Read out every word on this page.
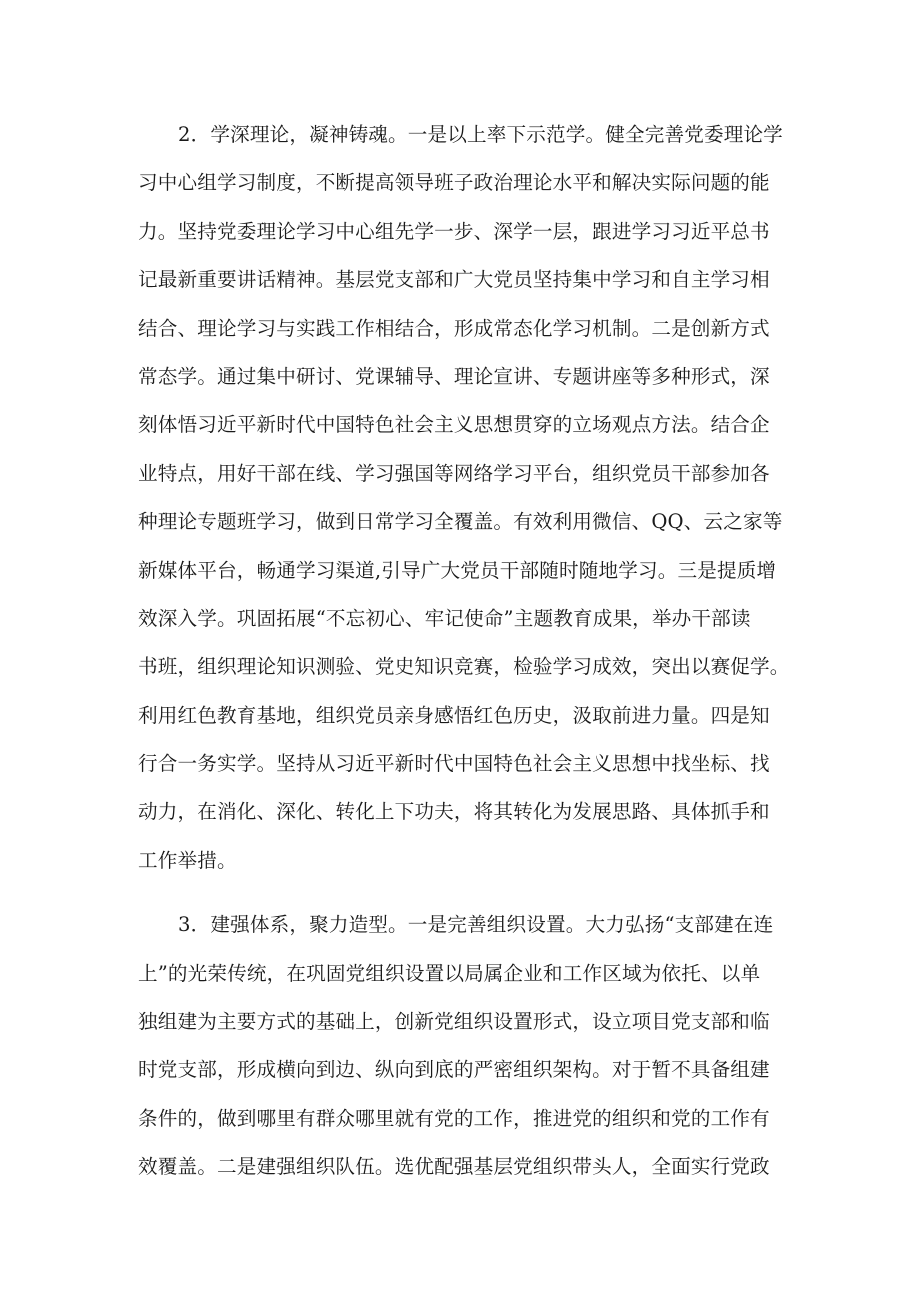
2．学深理论，凝神铸魂。一是以上率下示范学。健全完善党委理论学
习中心组学习制度，不断提高领导班子政治理论水平和解决实际问题的能
力。坚持党委理论学习中心组先学一步、深学一层，跟进学习习近平总书
记最新重要讲话精神。基层党支部和广大党员坚持集中学习和自主学习相
结合、理论学习与实践工作相结合，形成常态化学习机制。二是创新方式
常态学。通过集中研讨、党课辅导、理论宣讲、专题讲座等多种形式，深
刻体悟习近平新时代中国特色社会主义思想贯穿的立场观点方法。结合企
业特点，用好干部在线、学习强国等网络学习平台，组织党员干部参加各
种理论专题班学习，做到日常学习全覆盖。有效利用微信、QQ、云之家等
新媒体平台，畅通学习渠道,引导广大党员干部随时随地学习。三是提质增
效深入学。巩固拓展“不忘初心、牢记使命”主题教育成果，举办干部读
书班，组织理论知识测验、党史知识竞赛，检验学习成效，突出以赛促学。
利用红色教育基地，组织党员亲身感悟红色历史，汲取前进力量。四是知
行合一务实学。坚持从习近平新时代中国特色社会主义思想中找坐标、找
动力，在消化、深化、转化上下功夫，将其转化为发展思路、具体抓手和
工作举措。
3．建强体系，聚力造型。一是完善组织设置。大力弘扬“支部建在连
上”的光荣传统，在巩固党组织设置以局属企业和工作区域为依托、以单
独组建为主要方式的基础上，创新党组织设置形式，设立项目党支部和临
时党支部，形成横向到边、纵向到底的严密组织架构。对于暂不具备组建
条件的，做到哪里有群众哪里就有党的工作，推进党的组织和党的工作有
效覆盖。二是建强组织队伍。选优配强基层党组织带头人，全面实行党政
